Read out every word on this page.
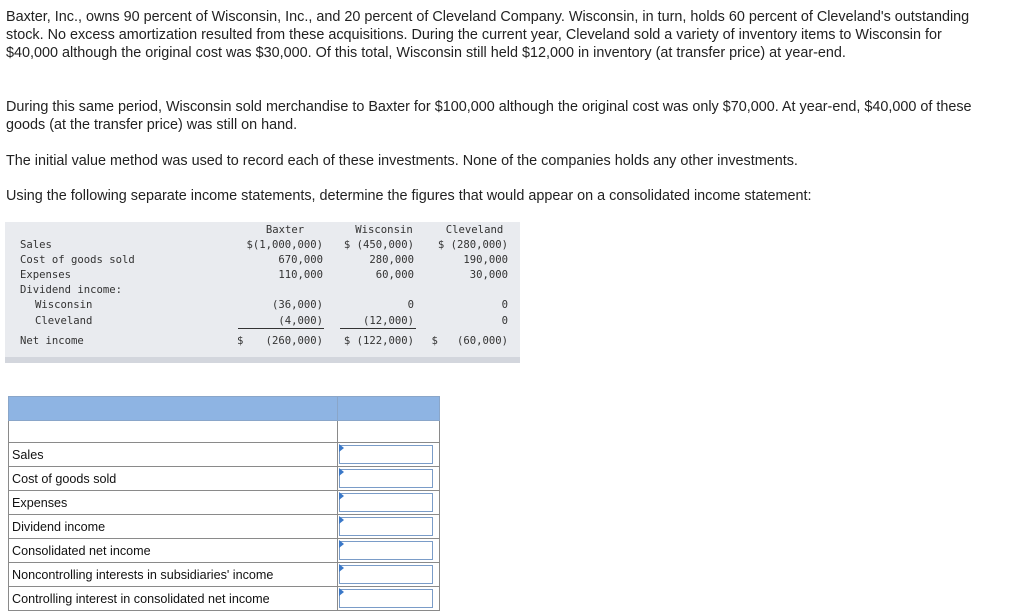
Baxter, Inc., owns 90 percent of Wisconsin, Inc., and 20 percent of Cleveland Company. Wisconsin, in turn, holds 60 percent of Cleveland's outstanding stock. No excess amortization resulted from these acquisitions. During the current year, Cleveland sold a variety of inventory items to Wisconsin for $40,000 although the original cost was $30,000. Of this total, Wisconsin still held $12,000 in inventory (at transfer price) at year-end.

During this same period, Wisconsin sold merchandise to Baxter for $100,000 although the original cost was only $70,000. At year-end, $40,000 of these goods (at the transfer price) was still on hand.

The initial value method was used to record each of these investments. None of the companies holds any other investments.

Using the following separate income statements, determine the figures that would appear on a consolidated income statement:

Baxter	Wisconsin	Cleveland
Sales	$(1,000,000) $ (450,000) $ (280,000)
Cost of goods sold	670,000	280,000	190,000
Expenses	110,000	60,000	30,000
Dividend income:
Wisconsin	(36,000)	0	0
Cleveland	(4,000)	(12,000)	0
Net income	$ (260,000) $ (122,000) $   (60,000)

Sales	

Cost of goods sold	

Expenses	

Dividend income	

Consolidated net income	

Noncontrolling interests in subsidiaries' income	

Controlling interest in consolidated net income	
